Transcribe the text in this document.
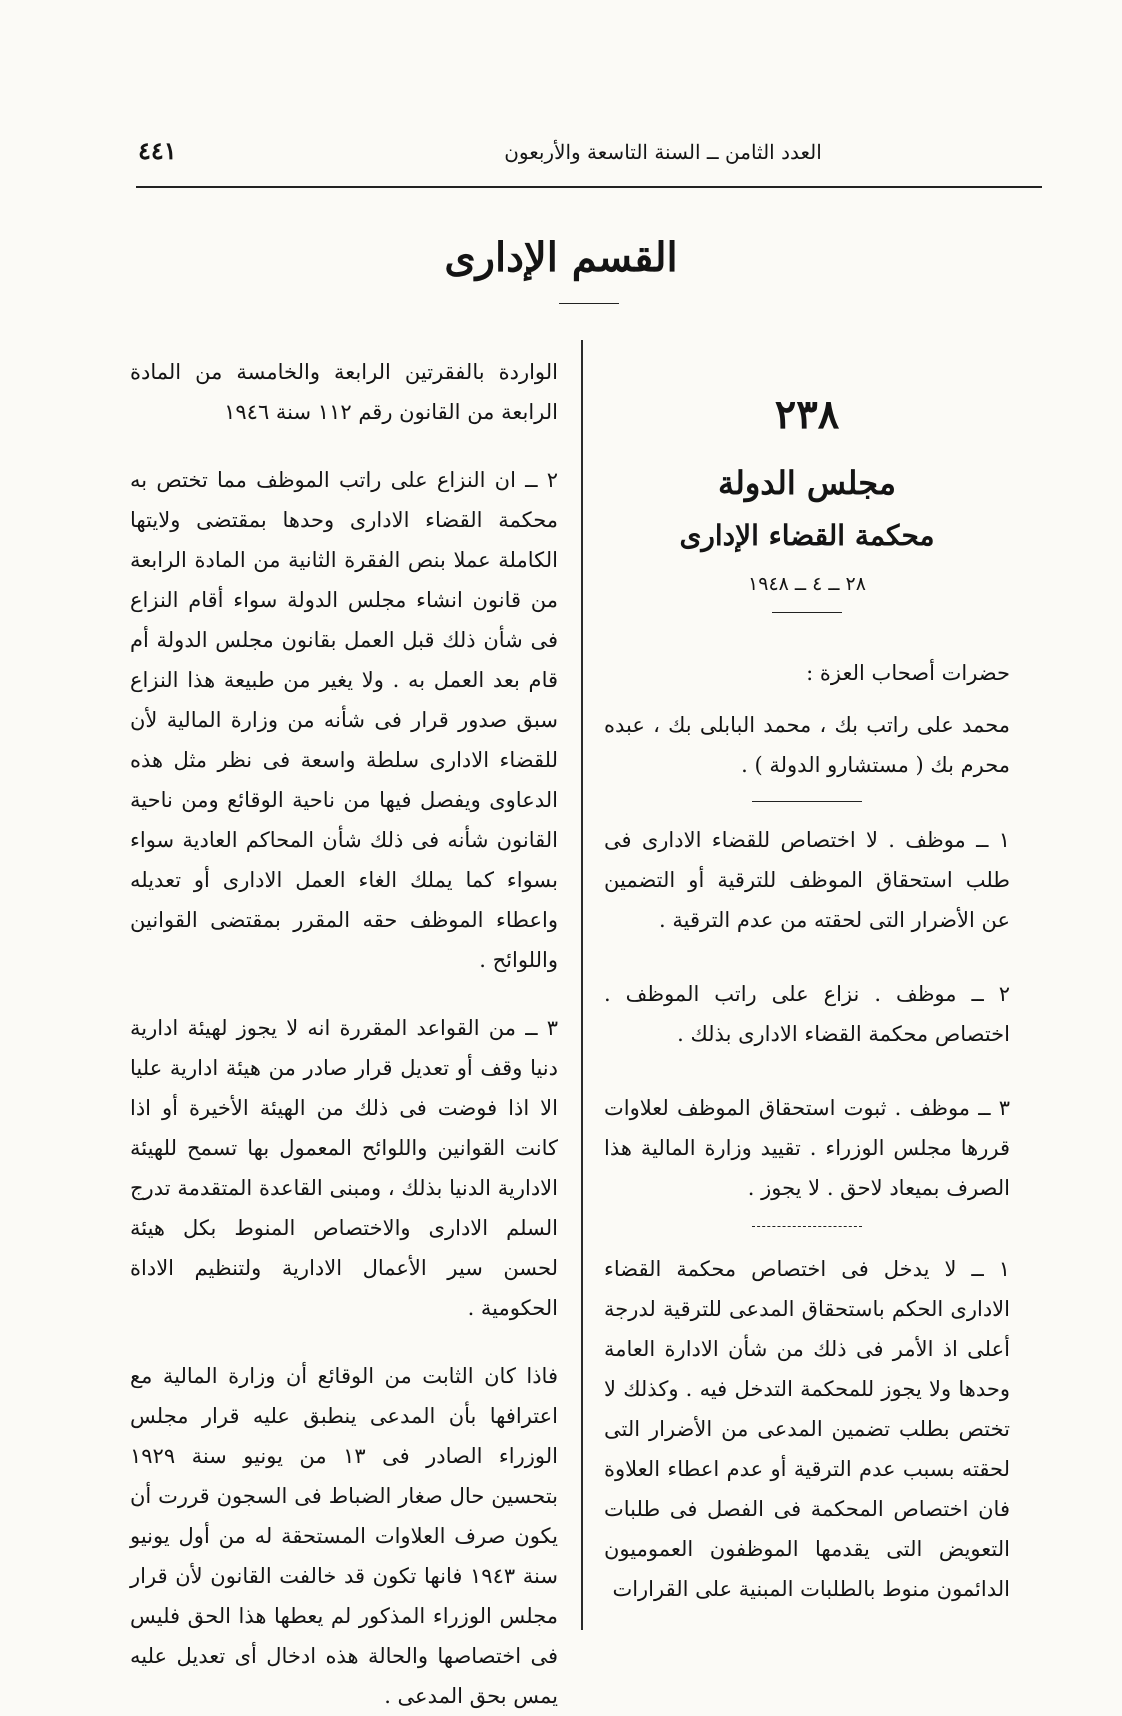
٤٤١	العدد الثامن ــ السنة التاسعة والأربعون
القسم الإدارى

٢٣٨

مجلس الدولة

محكمة القضاء الإدارى

٢٨ ــ ٤ ــ ١٩٤٨

حضرات أصحاب العزة :

محمد على راتب بك ، محمد البابلى بك ، عبده محرم بك ( مستشارو الدولة ) .

١ ــ موظف . لا اختصاص للقضاء الادارى فى طلب استحقاق الموظف للترقية أو التضمين عن الأضرار التى لحقته من عدم الترقية .

٢ ــ موظف . نزاع على راتب الموظف . اختصاص محكمة القضاء الادارى بذلك .

٣ ــ موظف . ثبوت استحقاق الموظف لعلاوات قررها مجلس الوزراء . تقييد وزارة المالية هذا الصرف بميعاد لاحق . لا يجوز .

١ ــ لا يدخل فى اختصاص محكمة القضاء الادارى الحكم باستحقاق المدعى للترقية لدرجة أعلى اذ الأمر فى ذلك من شأن الادارة العامة وحدها ولا يجوز للمحكمة التدخل فيه . وكذلك لا تختص بطلب تضمين المدعى من الأضرار التى لحقته بسبب عدم الترقية أو عدم اعطاء العلاوة فان اختصاص المحكمة فى الفصل فى طلبات التعويض التى يقدمها الموظفون العموميون الدائمون منوط بالطلبات المبنية على القرارات

الواردة بالفقرتين الرابعة والخامسة من المادة الرابعة من القانون رقم ١١٢ سنة ١٩٤٦

٢ ــ ان النزاع على راتب الموظف مما تختص به محكمة القضاء الادارى وحدها بمقتضى ولايتها الكاملة عملا بنص الفقرة الثانية من المادة الرابعة من قانون انشاء مجلس الدولة سواء أقام النزاع فى شأن ذلك قبل العمل بقانون مجلس الدولة أم قام بعد العمل به . ولا يغير من طبيعة هذا النزاع سبق صدور قرار فى شأنه من وزارة المالية لأن للقضاء الادارى سلطة واسعة فى نظر مثل هذه الدعاوى ويفصل فيها من ناحية الوقائع ومن ناحية القانون شأنه فى ذلك شأن المحاكم العادية سواء بسواء كما يملك الغاء العمل الادارى أو تعديله واعطاء الموظف حقه المقرر بمقتضى القوانين واللوائح .

٣ ــ من القواعد المقررة انه لا يجوز لهيئة ادارية دنيا وقف أو تعديل قرار صادر من هيئة ادارية عليا الا اذا فوضت فى ذلك من الهيئة الأخيرة أو اذا كانت القوانين واللوائح المعمول بها تسمح للهيئة الادارية الدنيا بذلك ، ومبنى القاعدة المتقدمة تدرج السلم الادارى والاختصاص المنوط بكل هيئة لحسن سير الأعمال الادارية ولتنظيم الاداة الحكومية .

فاذا كان الثابت من الوقائع أن وزارة المالية مع اعترافها بأن المدعى ينطبق عليه قرار مجلس الوزراء الصادر فى ١٣ من يونيو سنة ١٩٢٩ بتحسين حال صغار الضباط فى السجون قررت أن يكون صرف العلاوات المستحقة له من أول يونيو سنة ١٩٤٣ فانها تكون قد خالفت القانون لأن قرار مجلس الوزراء المذكور لم يعطها هذا الحق فليس فى اختصاصها والحالة هذه ادخال أى تعديل عليه يمس بحق المدعى .
